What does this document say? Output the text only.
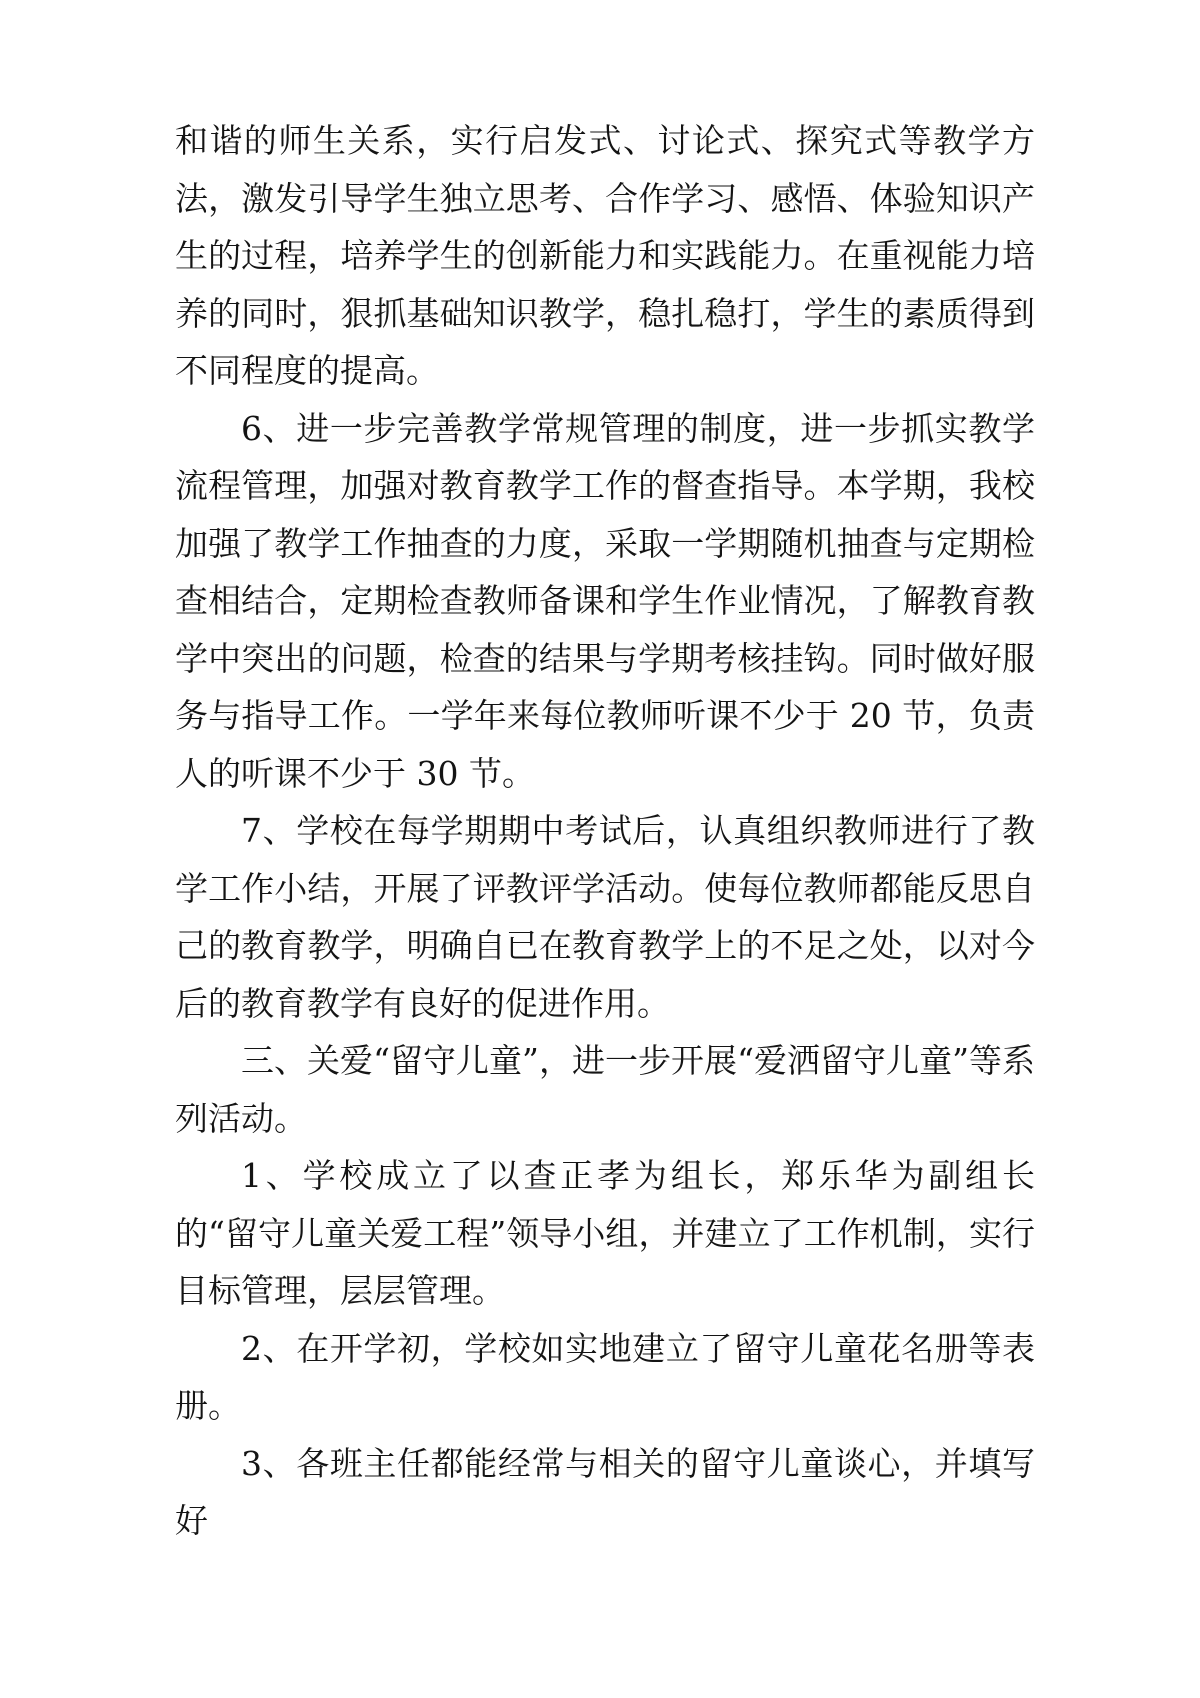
和谐的师生关系，实行启发式、讨论式、探究式等教学方法，激发引导学生独立思考、合作学习、感悟、体验知识产生的过程，培养学生的创新能力和实践能力。在重视能力培养的同时，狠抓基础知识教学，稳扎稳打，学生的素质得到不同程度的提高。

6、进一步完善教学常规管理的制度，进一步抓实教学流程管理，加强对教育教学工作的督查指导。本学期，我校加强了教学工作抽查的力度，采取一学期随机抽查与定期检查相结合，定期检查教师备课和学生作业情况，了解教育教学中突出的问题，检查的结果与学期考核挂钩。同时做好服务与指导工作。一学年来每位教师听课不少于 20 节，负责人的听课不少于 30 节。

7、学校在每学期期中考试后，认真组织教师进行了教学工作小结，开展了评教评学活动。使每位教师都能反思自己的教育教学，明确自已在教育教学上的不足之处，以对今后的教育教学有良好的促进作用。

三、关爱“留守儿童”，进一步开展“爱洒留守儿童”等系列活动。

1、学校成立了以查正孝为组长，郑乐华为副组长的“留守儿童关爱工程”领导小组，并建立了工作机制，实行目标管理，层层管理。

2、在开学初，学校如实地建立了留守儿童花名册等表册。

3、各班主任都能经常与相关的留守儿童谈心，并填写好
